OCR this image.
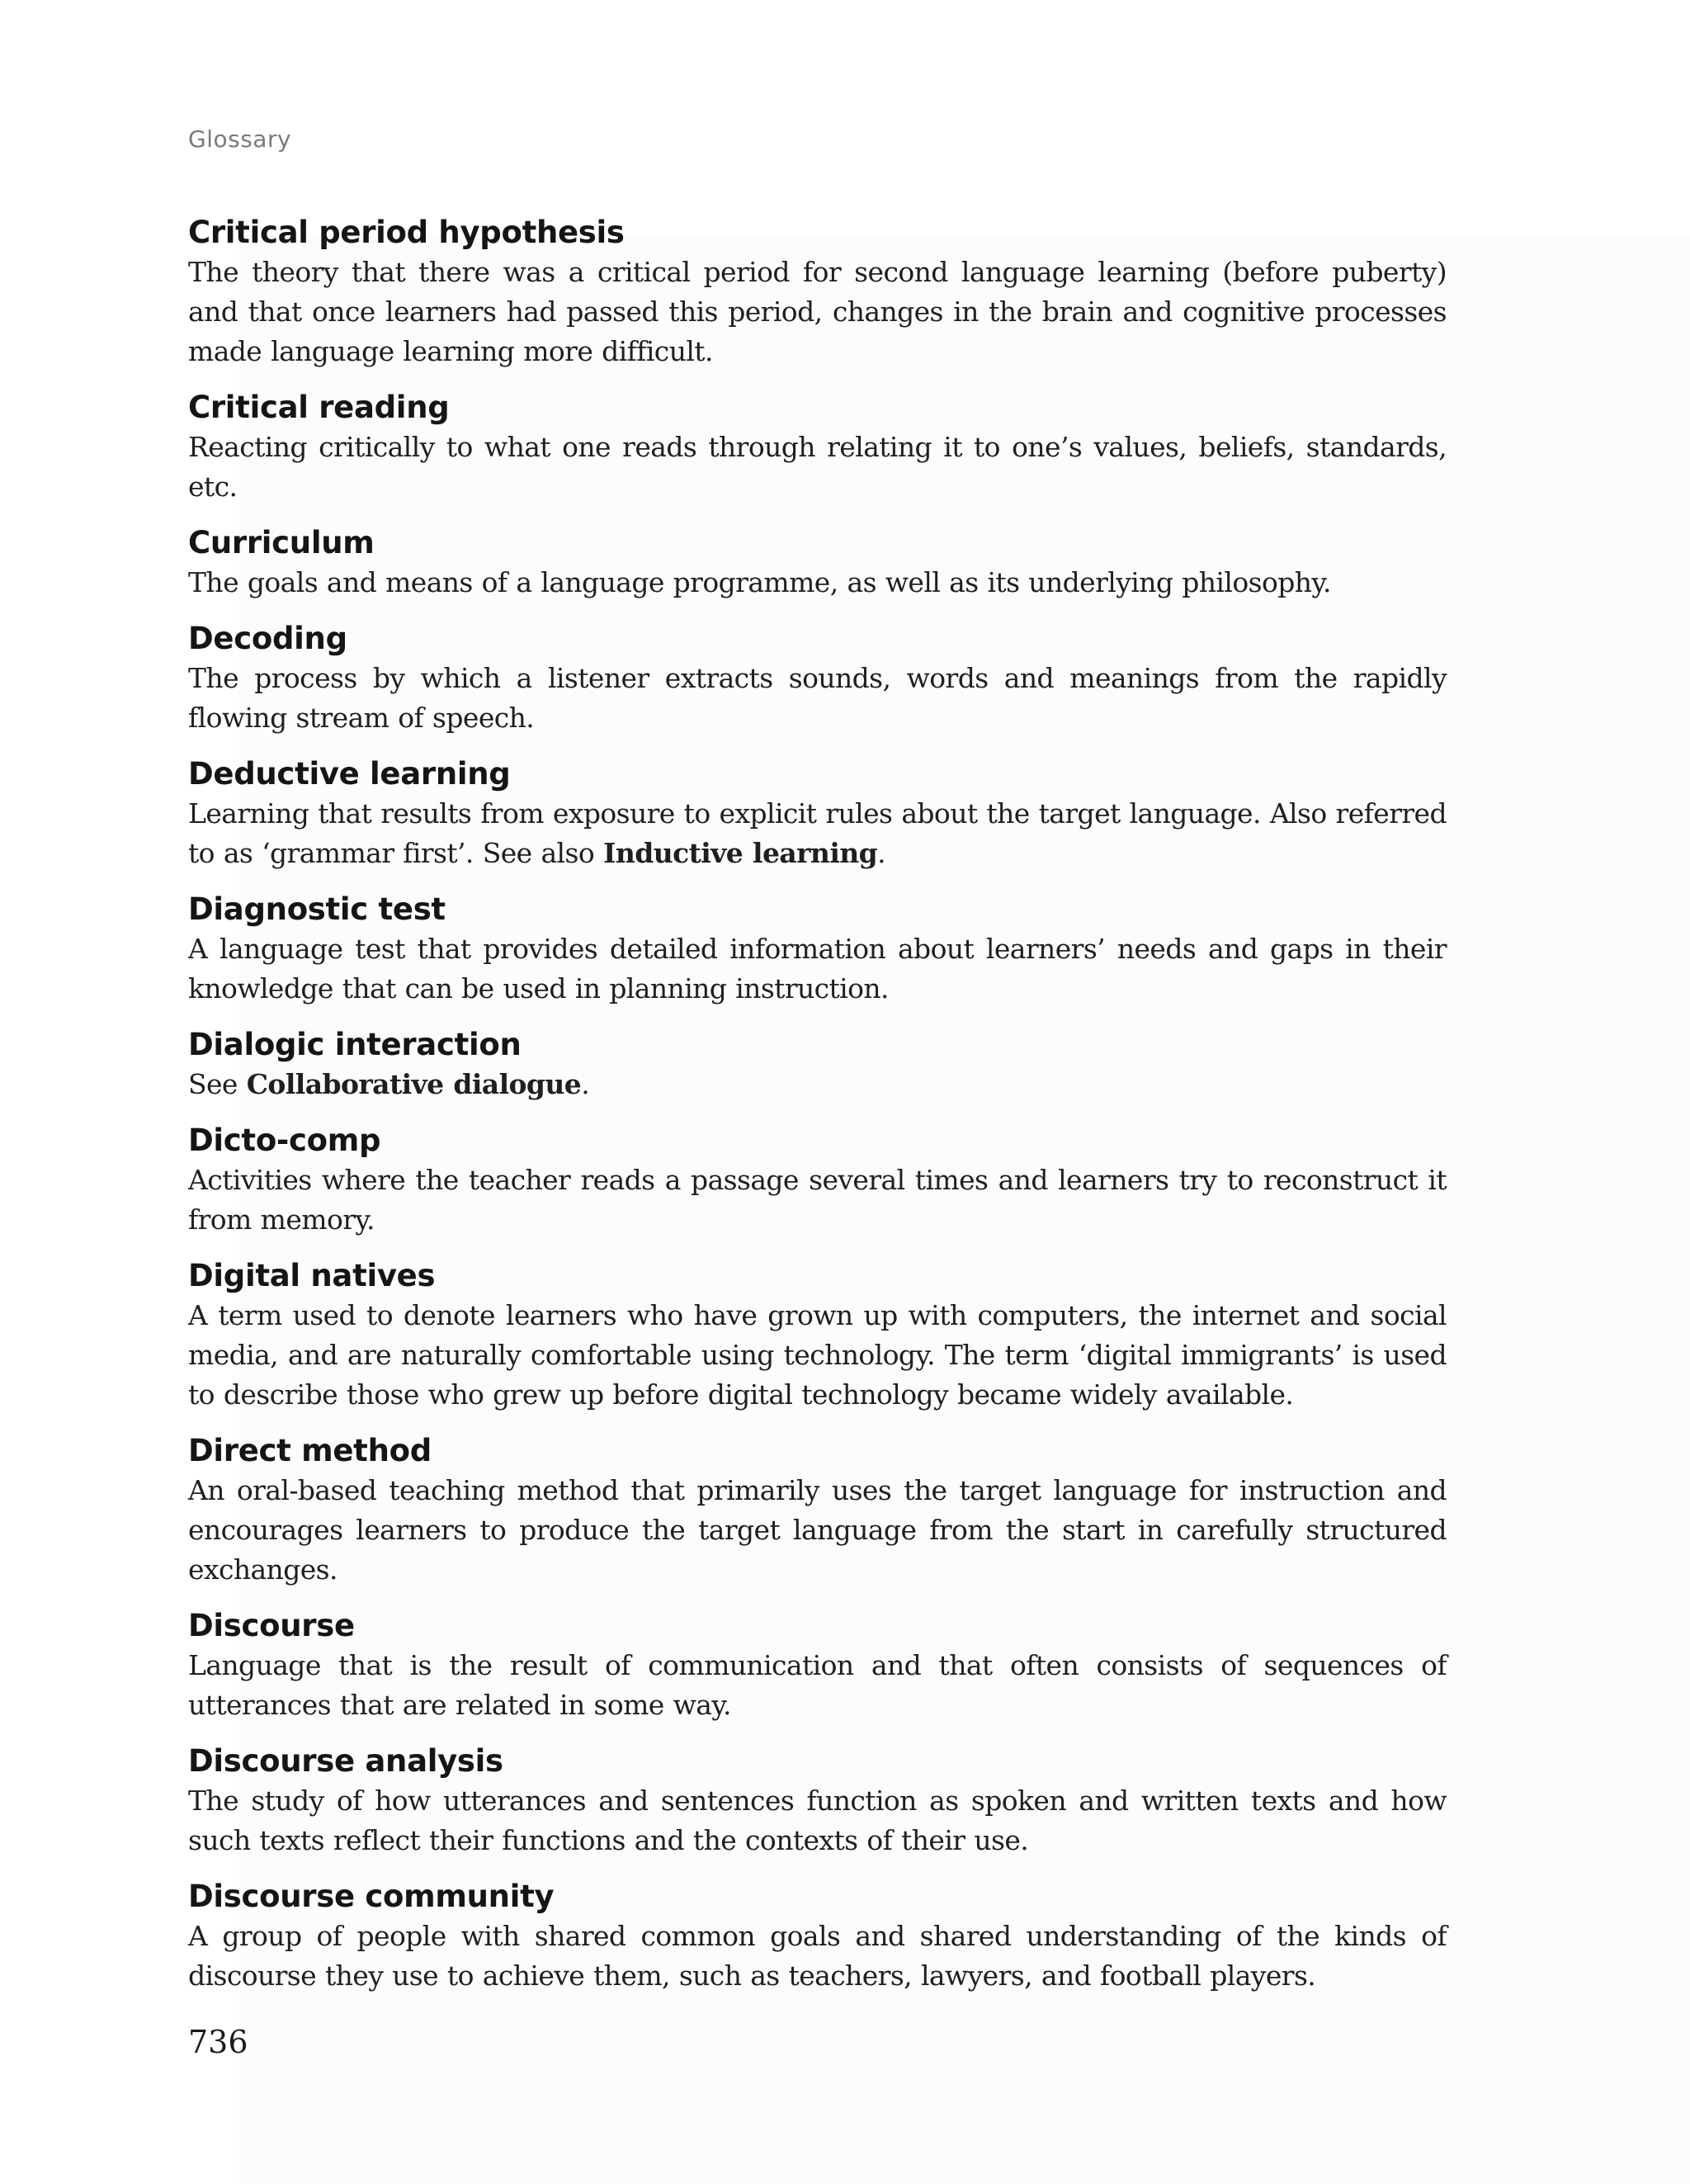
Glossary
Critical period hypothesis
The theory that there was a critical period for second language learning (before puberty) and that once learners had passed this period, changes in the brain and cognitive processes made language learning more difficult.
Critical reading
Reacting critically to what one reads through relating it to one’s values, beliefs, standards, etc.
Curriculum
The goals and means of a language programme, as well as its underlying philosophy.
Decoding
The process by which a listener extracts sounds, words and meanings from the rapidly flowing stream of speech.
Deductive learning
Learning that results from exposure to explicit rules about the target language. Also referred to as ‘grammar first’. See also Inductive learning.
Diagnostic test
A language test that provides detailed information about learners’ needs and gaps in their knowledge that can be used in planning instruction.
Dialogic interaction
See Collaborative dialogue.
Dicto-comp
Activities where the teacher reads a passage several times and learners try to reconstruct it from memory.
Digital natives
A term used to denote learners who have grown up with computers, the internet and social media, and are naturally comfortable using technology. The term ‘digital immigrants’ is used to describe those who grew up before digital technology became widely available.
Direct method
An oral-based teaching method that primarily uses the target language for instruction and encourages learners to produce the target language from the start in carefully structured exchanges.
Discourse
Language that is the result of communication and that often consists of sequences of utterances that are related in some way.
Discourse analysis
The study of how utterances and sentences function as spoken and written texts and how such texts reflect their functions and the contexts of their use.
Discourse community
A group of people with shared common goals and shared understanding of the kinds of discourse they use to achieve them, such as teachers, lawyers, and football players.
736
